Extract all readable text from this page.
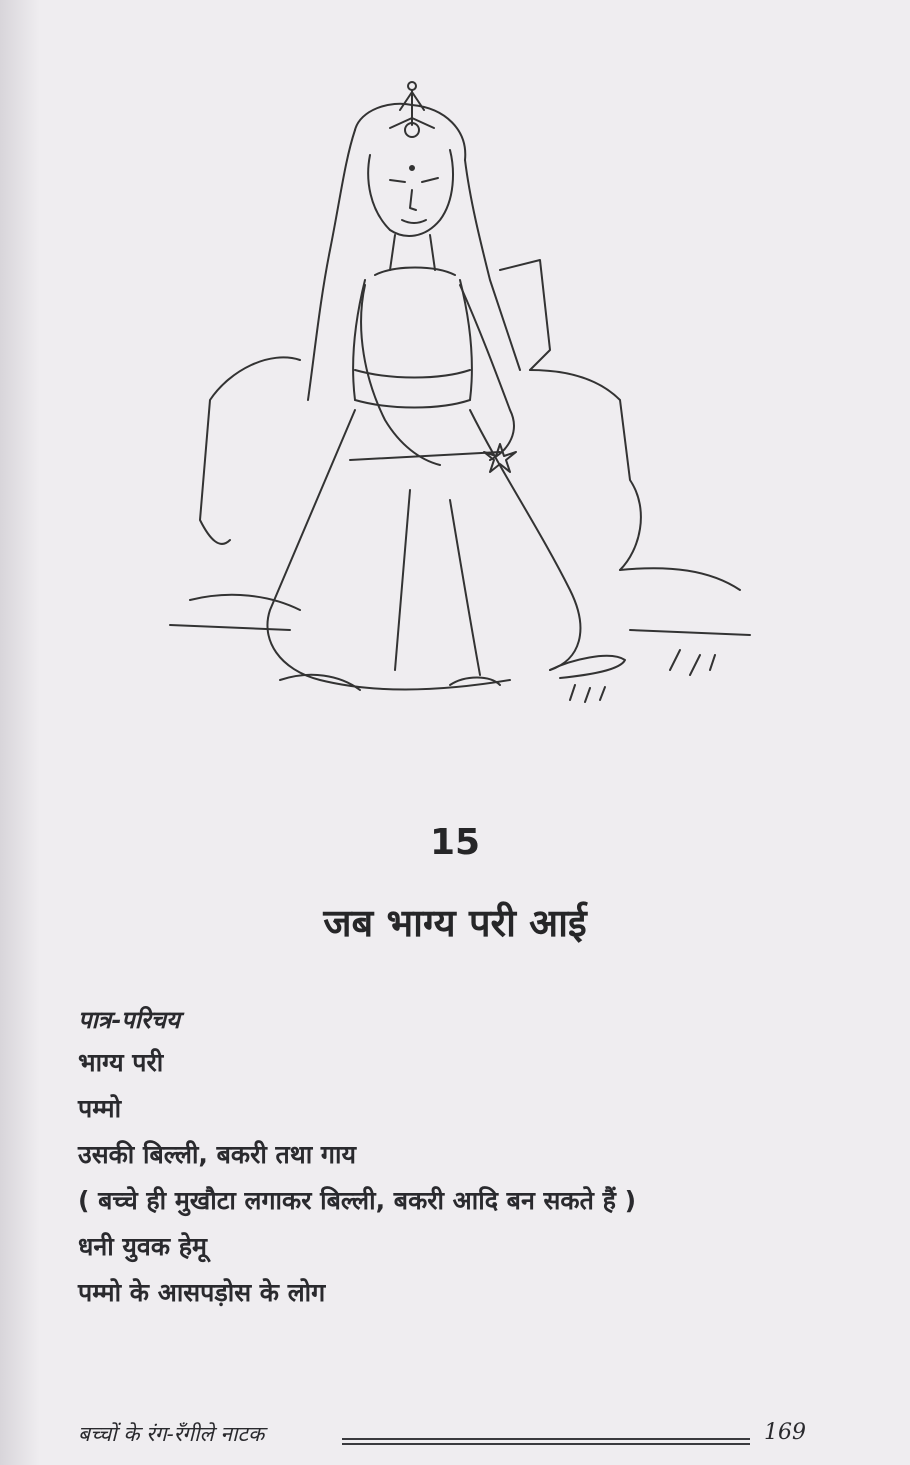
15
जब भाग्य परी आई
पात्र-परिचय
भाग्य परी
पम्मो
उसकी बिल्ली, बकरी तथा गाय
( बच्चे ही मुखौटा लगाकर बिल्ली, बकरी आदि बन सकते हैं )
धनी युवक हेमू
पम्मो के आसपड़ोस के लोग
बच्चों के रंग-रँगीले नाटक	169
